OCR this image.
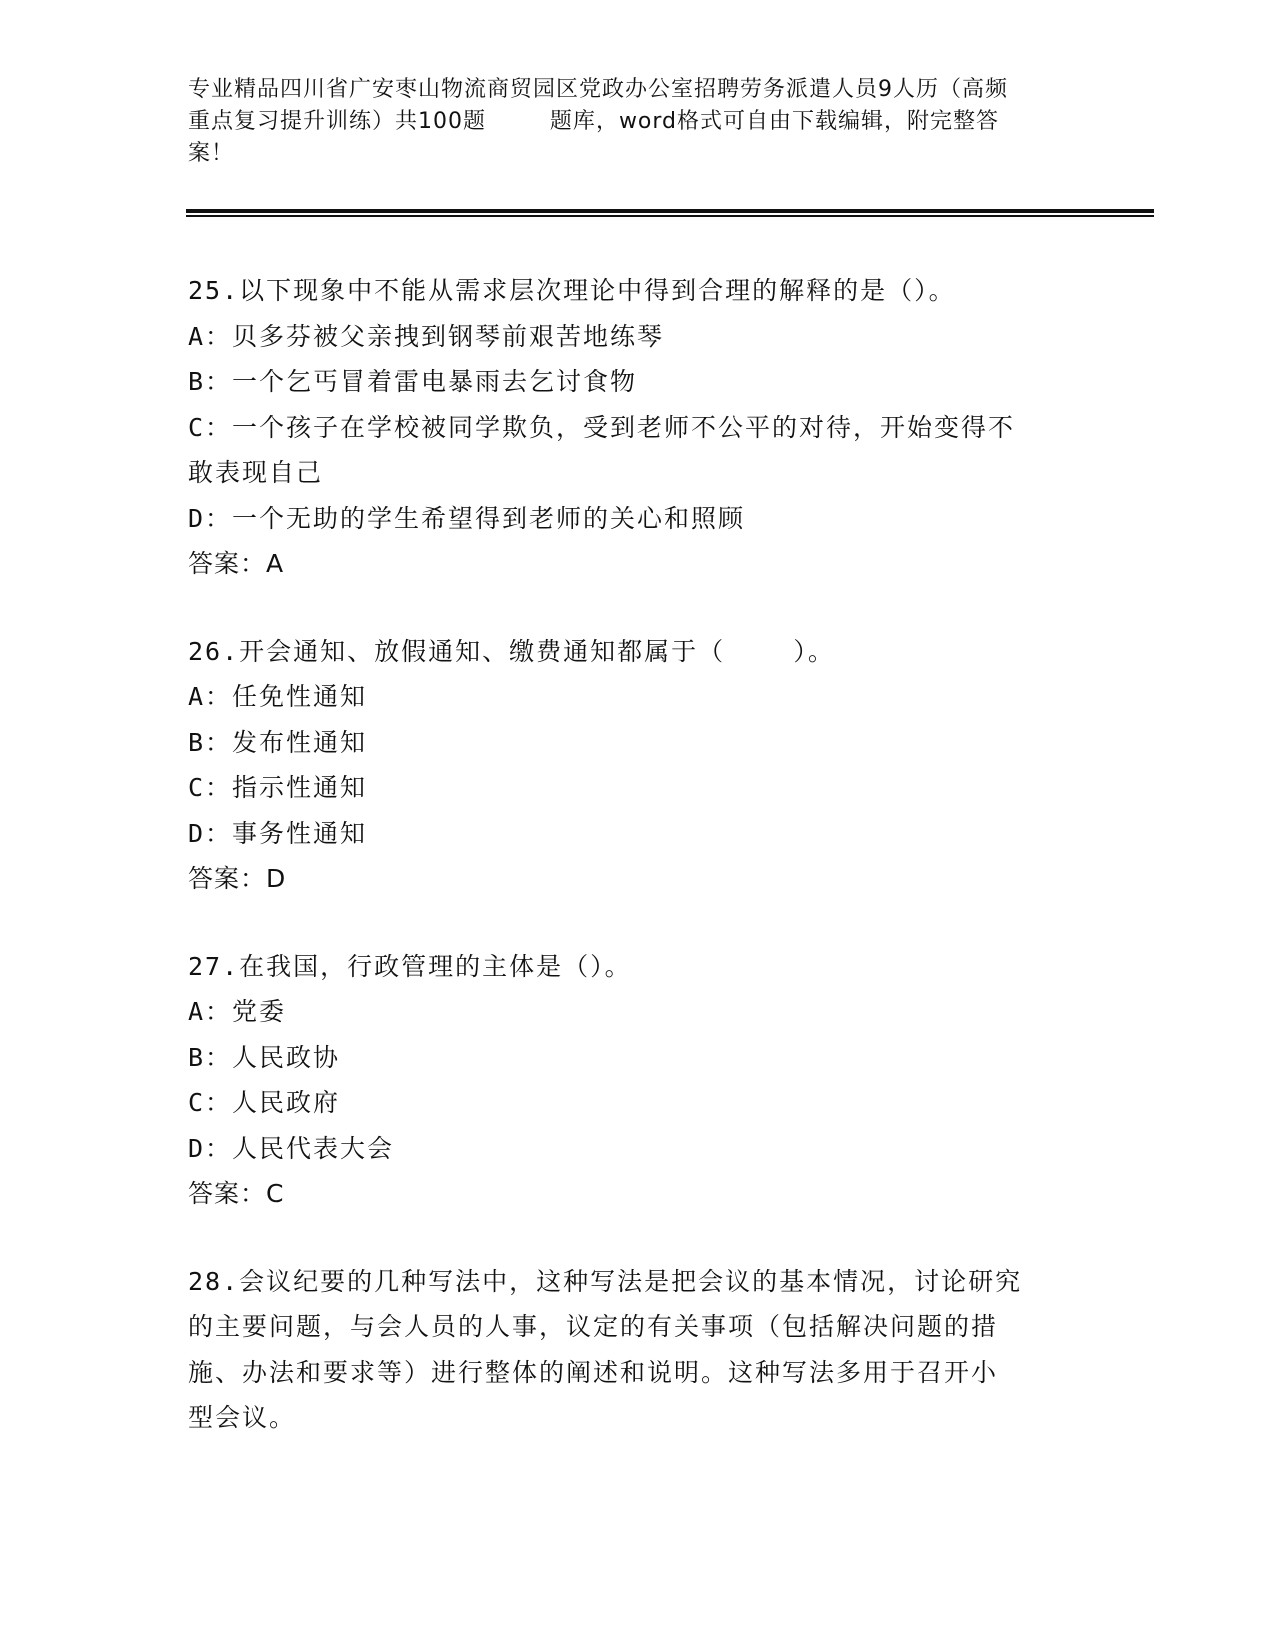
专业精品四川省广安枣山物流商贸园区党政办公室招聘劳务派遣人员9人历（高频
重点复习提升训练）共100题        题库，word格式可自由下载编辑，附完整答
案！
25.以下现象中不能从需求层次理论中得到合理的解释的是（）。
A：贝多芬被父亲拽到钢琴前艰苦地练琴
B：一个乞丐冒着雷电暴雨去乞讨食物
C：一个孩子在学校被同学欺负，受到老师不公平的对待，开始变得不
敢表现自己
D：一个无助的学生希望得到老师的关心和照顾
答案：A
26.开会通知、放假通知、缴费通知都属于（    ）。
A：任免性通知
B：发布性通知
C：指示性通知
D：事务性通知
答案：D
27.在我国，行政管理的主体是（）。
A：党委
B：人民政协
C：人民政府
D：人民代表大会
答案：C
28.会议纪要的几种写法中，这种写法是把会议的基本情况，讨论研究
的主要问题，与会人员的人事，议定的有关事项（包括解决问题的措
施、办法和要求等）进行整体的阐述和说明。这种写法多用于召开小
型会议。
